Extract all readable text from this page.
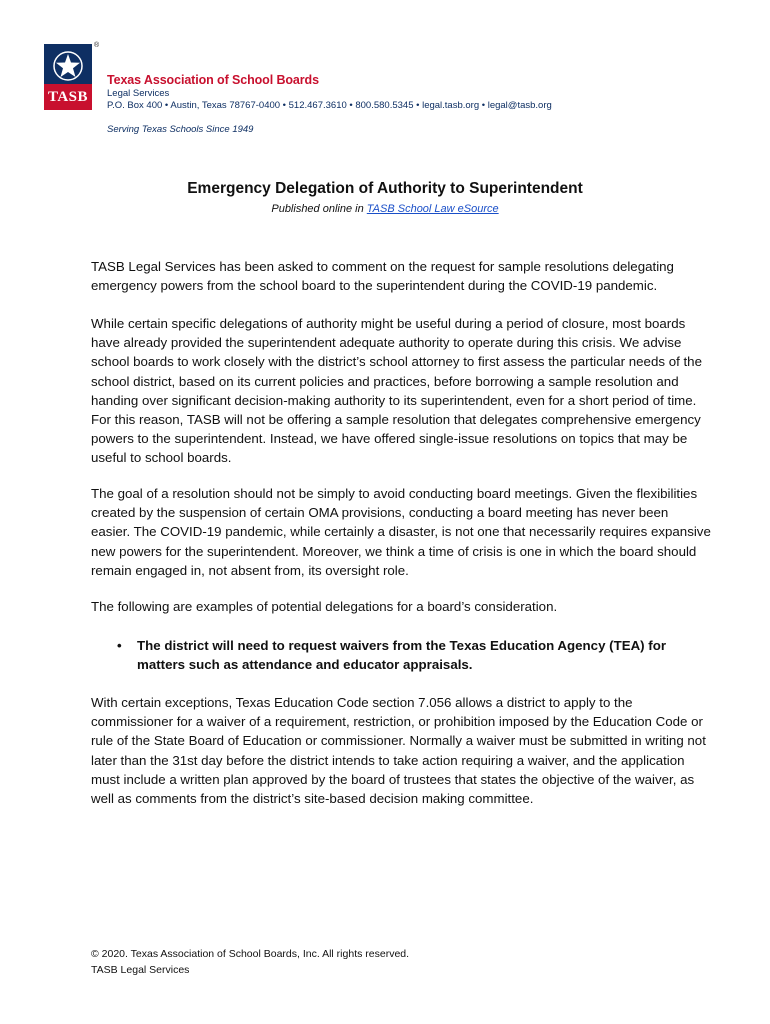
TASB
®
Texas Association of School Boards
Legal Services
P.O. Box 400 • Austin, Texas 78767-0400 • 512.467.3610 • 800.580.5345 • legal.tasb.org • legal@tasb.org
Serving Texas Schools Since 1949
Emergency Delegation of Authority to Superintendent
Published online in TASB School Law eSource

TASB Legal Services has been asked to comment on the request for sample resolutions delegating emergency powers from the school board to the superintendent during the COVID-19 pandemic.

While certain specific delegations of authority might be useful during a period of closure, most boards have already provided the superintendent adequate authority to operate during this crisis. We advise school boards to work closely with the district’s school attorney to first assess the particular needs of the school district, based on its current policies and practices, before borrowing a sample resolution and handing over significant decision-making authority to its superintendent, even for a short period of time. For this reason, TASB will not be offering a sample resolution that delegates comprehensive emergency powers to the superintendent. Instead, we have offered single-issue resolutions on topics that may be useful to school boards.

The goal of a resolution should not be simply to avoid conducting board meetings. Given the flexibilities created by the suspension of certain OMA provisions, conducting a board meeting has never been easier. The COVID-19 pandemic, while certainly a disaster, is not one that necessarily requires expansive new powers for the superintendent. Moreover, we think a time of crisis is one in which the board should remain engaged in, not absent from, its oversight role.

The following are examples of potential delegations for a board’s consideration.

• The district will need to request waivers from the Texas Education Agency (TEA) for matters such as attendance and educator appraisals.

With certain exceptions, Texas Education Code section 7.056 allows a district to apply to the commissioner for a waiver of a requirement, restriction, or prohibition imposed by the Education Code or rule of the State Board of Education or commissioner. Normally a waiver must be submitted in writing not later than the 31st day before the district intends to take action requiring a waiver, and the application must include a written plan approved by the board of trustees that states the objective of the waiver, as well as comments from the district’s site-based decision making committee.

© 2020. Texas Association of School Boards, Inc. All rights reserved.
TASB Legal Services
